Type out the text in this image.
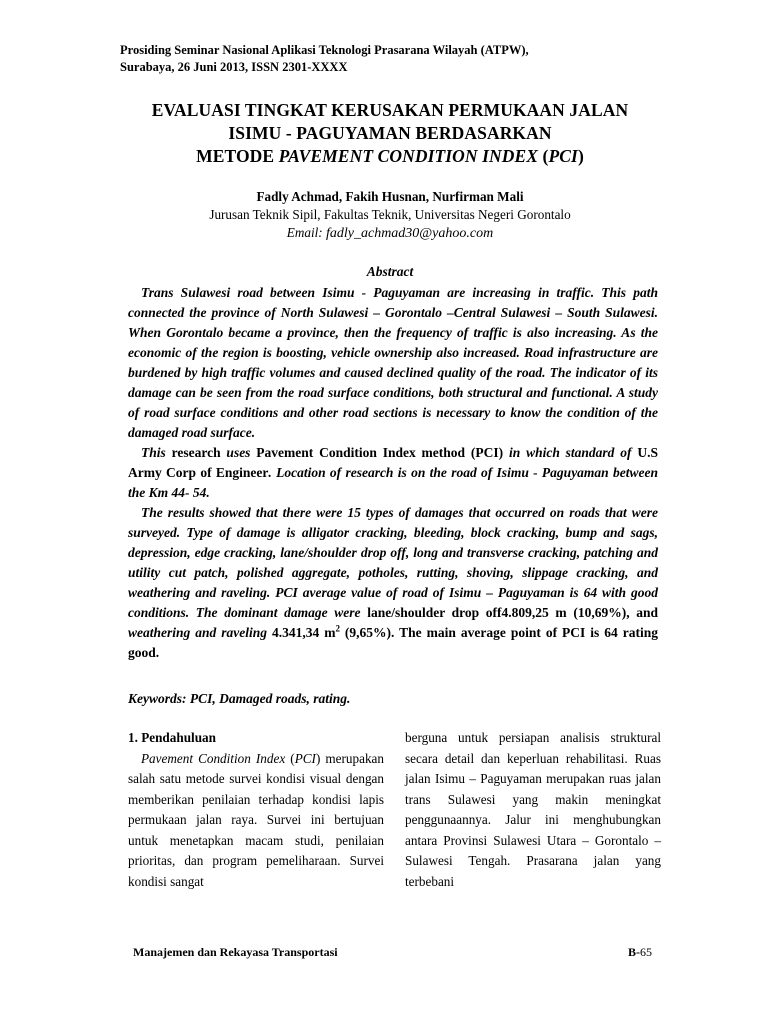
Prosiding Seminar Nasional Aplikasi Teknologi Prasarana Wilayah (ATPW),
Surabaya, 26 Juni 2013, ISSN 2301-XXXX
EVALUASI TINGKAT KERUSAKAN PERMUKAAN JALAN
ISIMU - PAGUYAMAN BERDASARKAN
METODE PAVEMENT CONDITION INDEX (PCI)
Fadly Achmad, Fakih Husnan, Nurfirman Mali
Jurusan Teknik Sipil, Fakultas Teknik, Universitas Negeri Gorontalo
Email: fadly_achmad30@yahoo.com
Abstract

Trans Sulawesi road between Isimu - Paguyaman are increasing in traffic. This path connected the province of North Sulawesi – Gorontalo –Central Sulawesi – South Sulawesi. When Gorontalo became a province, then the frequency of traffic is also increasing. As the economic of the region is boosting, vehicle ownership also increased. Road infrastructure are burdened by high traffic volumes and caused declined quality of the road. The indicator of its damage can be seen from the road surface conditions, both structural and functional. A study of road surface conditions and other road sections is necessary to know the condition of the damaged road surface.

This research uses Pavement Condition Index method (PCI) in which standard of U.S Army Corp of Engineer. Location of research is on the road of Isimu - Paguyaman between the Km 44- 54.

The results showed that there were 15 types of damages that occurred on roads that were surveyed. Type of damage is alligator cracking, bleeding, block cracking, bump and sags, depression, edge cracking, lane/shoulder drop off, long and transverse cracking, patching and utility cut patch, polished aggregate, potholes, rutting, shoving, slippage cracking, and weathering and raveling. PCI average value of road of Isimu – Paguyaman is 64 with good conditions. The dominant damage were lane/shoulder drop off4.809,25 m (10,69%), and weathering and raveling 4.341,34 $m^2$ (9,65%). The main average point of PCI is 64 rating good.

Keywords: PCI, Damaged roads, rating.

1. Pendahuluan

Pavement Condition Index (PCI) merupakan salah satu metode survei kondisi visual dengan memberikan penilaian terhadap kondisi lapis permukaan jalan raya. Survei ini bertujuan untuk menetapkan macam studi, penilaian prioritas, dan program pemeliharaan. Survei kondisi sangat

berguna untuk persiapan analisis struktural secara detail dan keperluan rehabilitasi. Ruas jalan Isimu – Paguyaman merupakan ruas jalan trans Sulawesi yang makin meningkat penggunaannya. Jalur ini menghubungkan antara Provinsi Sulawesi Utara – Gorontalo – Sulawesi Tengah. Prasarana jalan yang terbebani

Manajemen dan Rekayasa Transportasi	B-65
